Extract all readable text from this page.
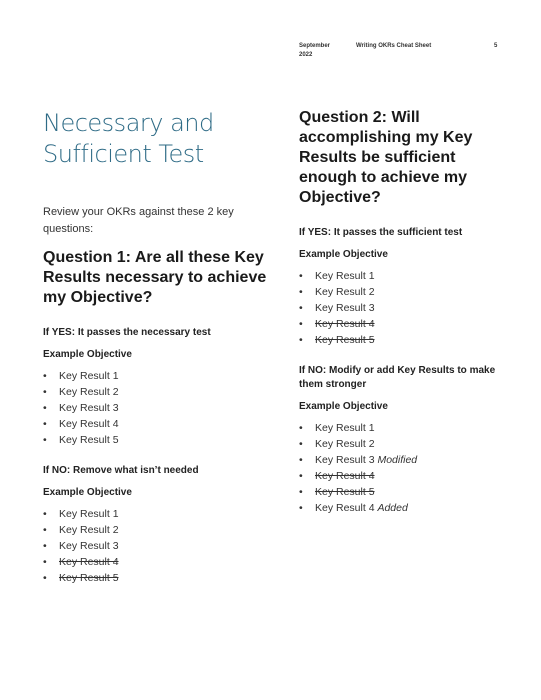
September
2022
Writing OKRs Cheat Sheet	5
Necessary and
Sufficient Test

Review your OKRs against these 2 key questions:

Question 1: Are all these Key Results necessary to achieve my Objective?

If YES: It passes the necessary test

Example Objective

• Key Result 1
• Key Result 2
• Key Result 3
• Key Result 4
• Key Result 5

If NO: Remove what isn’t needed

Example Objective

• Key Result 1
• Key Result 2
• Key Result 3
• Key Result 4
• Key Result 5
Question 2: Will accomplishing my Key Results be sufficient enough to achieve my Objective?

If YES: It passes the sufficient test

Example Objective

• Key Result 1
• Key Result 2
• Key Result 3
• Key Result 4
• Key Result 5

If NO: Modify or add Key Results to make them stronger

Example Objective

• Key Result 1
• Key Result 2
• Key Result 3 Modified
• Key Result 4
• Key Result 5
• Key Result 4 Added
